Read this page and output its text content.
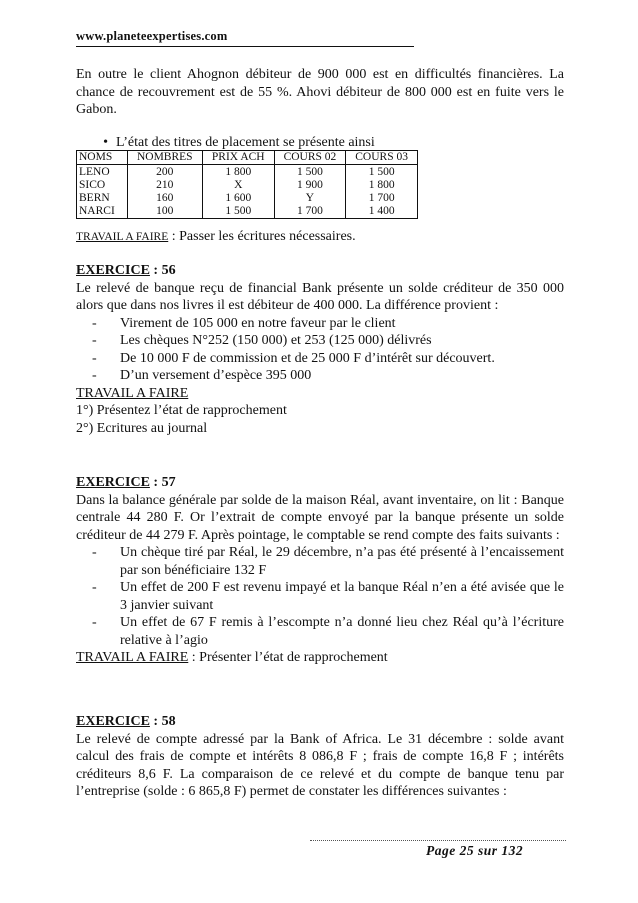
www.planeteexpertises.com

En outre le client Ahognon débiteur de 900 000 est en difficultés financières. La chance de recouvrement est de 55 %. Ahovi débiteur de 800 000 est en fuite vers le Gabon.

• L’état des titres de placement se présente ainsi
NOMS	NOMBRES	PRIX ACH	COURS 02	COURS 03
LENO	200	1 800	1 500	1 500
SICO	210	X	1 900	1 800
BERN	160	1 600	Y	1 700
NARCI	100	1 500	1 700	1 400
TRAVAIL A FAIRE : Passer les écritures nécessaires.
EXERCICE : 56

Le relevé de banque reçu de financial Bank présente un solde créditeur de 350 000 alors que dans nos livres il est débiteur de 400 000. La différence provient :

- Virement de 105 000 en notre faveur par le client
- Les chèques N°252 (150 000) et 253 (125 000) délivrés
- De 10 000 F de commission et de 25 000 F d’intérêt sur découvert.
- D’un versement d’espèce 395 000

TRAVAIL A FAIRE

1°) Présentez l’état de rapprochement

2°) Ecritures au journal

EXERCICE : 57

Dans la balance générale par solde de la maison Réal, avant inventaire, on lit : Banque centrale 44 280 F. Or l’extrait de compte envoyé par la banque présente un solde créditeur de 44 279 F. Après pointage, le comptable se rend compte des faits suivants :

- Un chèque tiré par Réal, le 29 décembre, n’a pas été présenté à l’encaissement par son bénéficiaire 132 F
- Un effet de 200 F est revenu impayé et la banque Réal n’en a été avisée que le 3 janvier suivant
- Un effet de 67 F remis à l’escompte n’a donné lieu chez Réal qu’à l’écriture relative à l’agio

TRAVAIL A FAIRE : Présenter l’état de rapprochement

EXERCICE : 58

Le relevé de compte adressé par la Bank of Africa. Le 31 décembre : solde avant calcul des frais de compte et intérêts 8 086,8 F ; frais de compte 16,8 F ; intérêts créditeurs 8,6 F. La comparaison de ce relevé et du compte de banque tenu par l’entreprise (solde : 6 865,8 F) permet de constater les différences suivantes :

Page 25 sur 132
